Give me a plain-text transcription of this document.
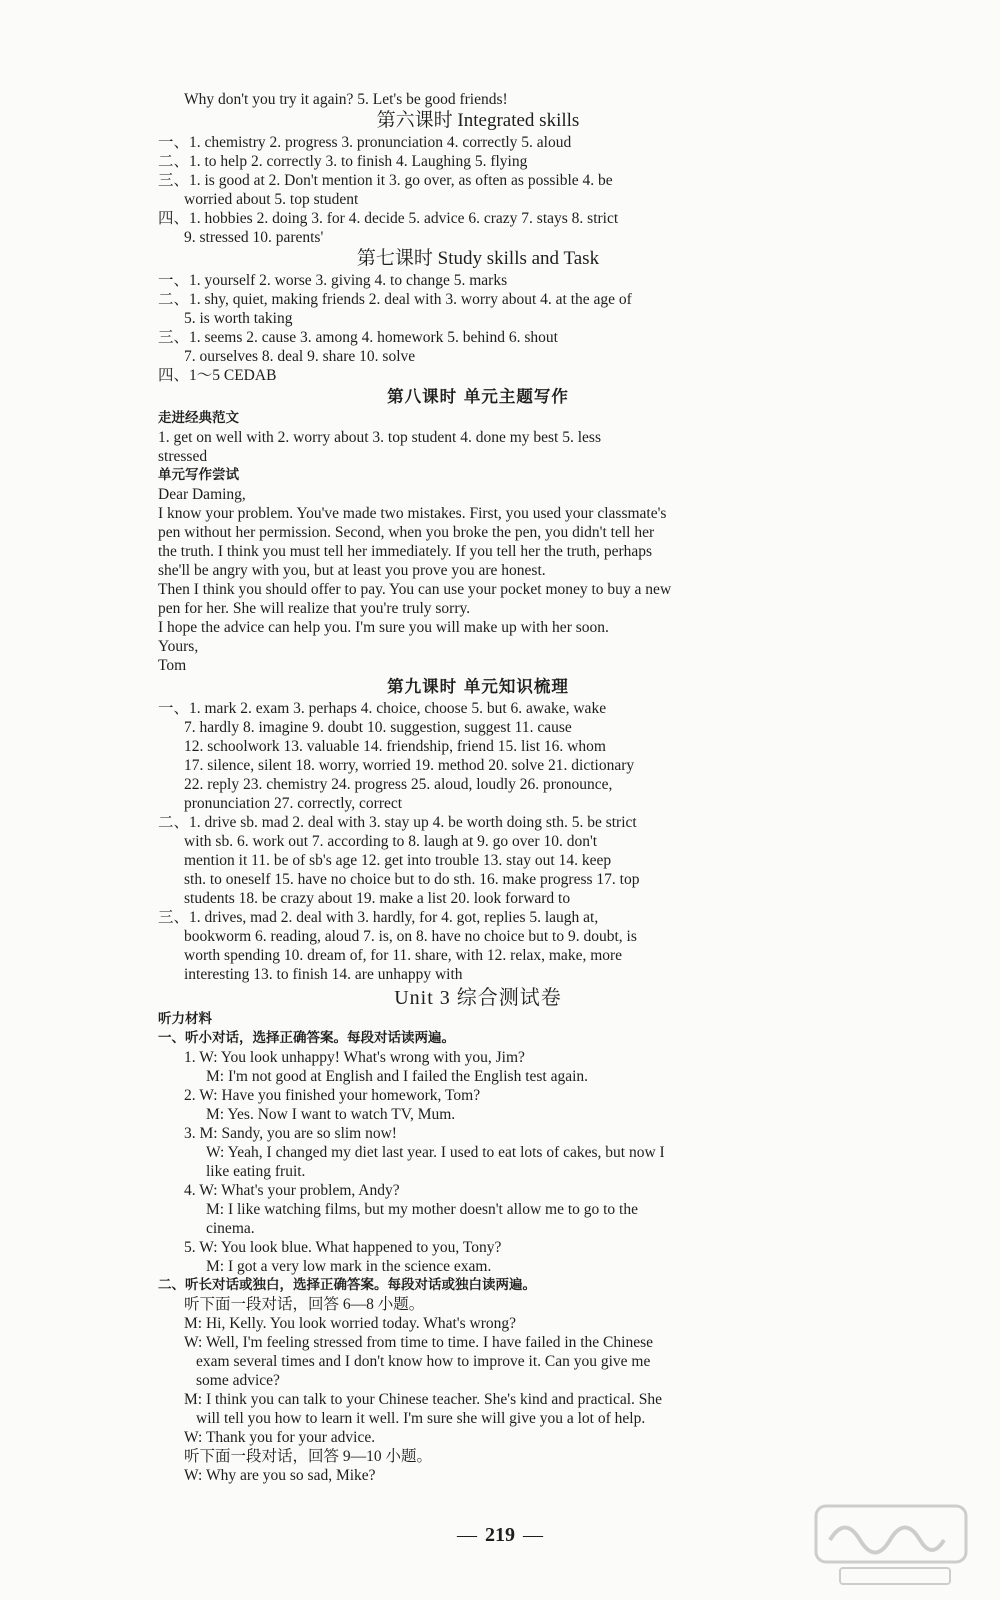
Why don't you try it again? 5. Let's be good friends!
第六课时 Integrated skills
一、1. chemistry 2. progress 3. pronunciation 4. correctly 5. aloud
二、1. to help 2. correctly 3. to finish 4. Laughing 5. flying
三、1. is good at 2. Don't mention it 3. go over, as often as possible 4. be
worried about 5. top student
四、1. hobbies 2. doing 3. for 4. decide 5. advice 6. crazy 7. stays 8. strict
9. stressed 10. parents'
第七课时 Study skills and Task
一、1. yourself 2. worse 3. giving 4. to change 5. marks
二、1. shy, quiet, making friends 2. deal with 3. worry about 4. at the age of
5. is worth taking
三、1. seems 2. cause 3. among 4. homework 5. behind 6. shout
7. ourselves 8. deal 9. share 10. solve
四、1～5 CEDAB
第八课时 单元主题写作
走进经典范文
1. get on well with 2. worry about 3. top student 4. done my best 5. less
stressed
单元写作尝试
Dear Daming,
I know your problem. You've made two mistakes. First, you used your classmate's
pen without her permission. Second, when you broke the pen, you didn't tell her
the truth. I think you must tell her immediately. If you tell her the truth, perhaps
she'll be angry with you, but at least you prove you are honest.
Then I think you should offer to pay. You can use your pocket money to buy a new
pen for her. She will realize that you're truly sorry.
I hope the advice can help you. I'm sure you will make up with her soon.
Yours,
Tom
第九课时 单元知识梳理
一、1. mark 2. exam 3. perhaps 4. choice, choose 5. but 6. awake, wake
7. hardly 8. imagine 9. doubt 10. suggestion, suggest 11. cause
12. schoolwork 13. valuable 14. friendship, friend 15. list 16. whom
17. silence, silent 18. worry, worried 19. method 20. solve 21. dictionary
22. reply 23. chemistry 24. progress 25. aloud, loudly 26. pronounce,
pronunciation 27. correctly, correct
二、1. drive sb. mad 2. deal with 3. stay up 4. be worth doing sth. 5. be strict
with sb. 6. work out 7. according to 8. laugh at 9. go over 10. don't
mention it 11. be of sb's age 12. get into trouble 13. stay out 14. keep
sth. to oneself 15. have no choice but to do sth. 16. make progress 17. top
students 18. be crazy about 19. make a list 20. look forward to
三、1. drives, mad 2. deal with 3. hardly, for 4. got, replies 5. laugh at,
bookworm 6. reading, aloud 7. is, on 8. have no choice but to 9. doubt, is
worth spending 10. dream of, for 11. share, with 12. relax, make, more
interesting 13. to finish 14. are unhappy with
Unit 3 综合测试卷
听力材料
一、听小对话，选择正确答案。每段对话读两遍。
1. W: You look unhappy! What's wrong with you, Jim?
M: I'm not good at English and I failed the English test again.
2. W: Have you finished your homework, Tom?
M: Yes. Now I want to watch TV, Mum.
3. M: Sandy, you are so slim now!
W: Yeah, I changed my diet last year. I used to eat lots of cakes, but now I
like eating fruit.
4. W: What's your problem, Andy?
M: I like watching films, but my mother doesn't allow me to go to the
cinema.
5. W: You look blue. What happened to you, Tony?
M: I got a very low mark in the science exam.
二、听长对话或独白，选择正确答案。每段对话或独白读两遍。
听下面一段对话，回答 6—8 小题。
M: Hi, Kelly. You look worried today. What's wrong?
W: Well, I'm feeling stressed from time to time. I have failed in the Chinese
exam several times and I don't know how to improve it. Can you give me
some advice?
M: I think you can talk to your Chinese teacher. She's kind and practical. She
will tell you how to learn it well. I'm sure she will give you a lot of help.
W: Thank you for your advice.
听下面一段对话，回答 9—10 小题。
W: Why are you so sad, Mike?
— 219 —
